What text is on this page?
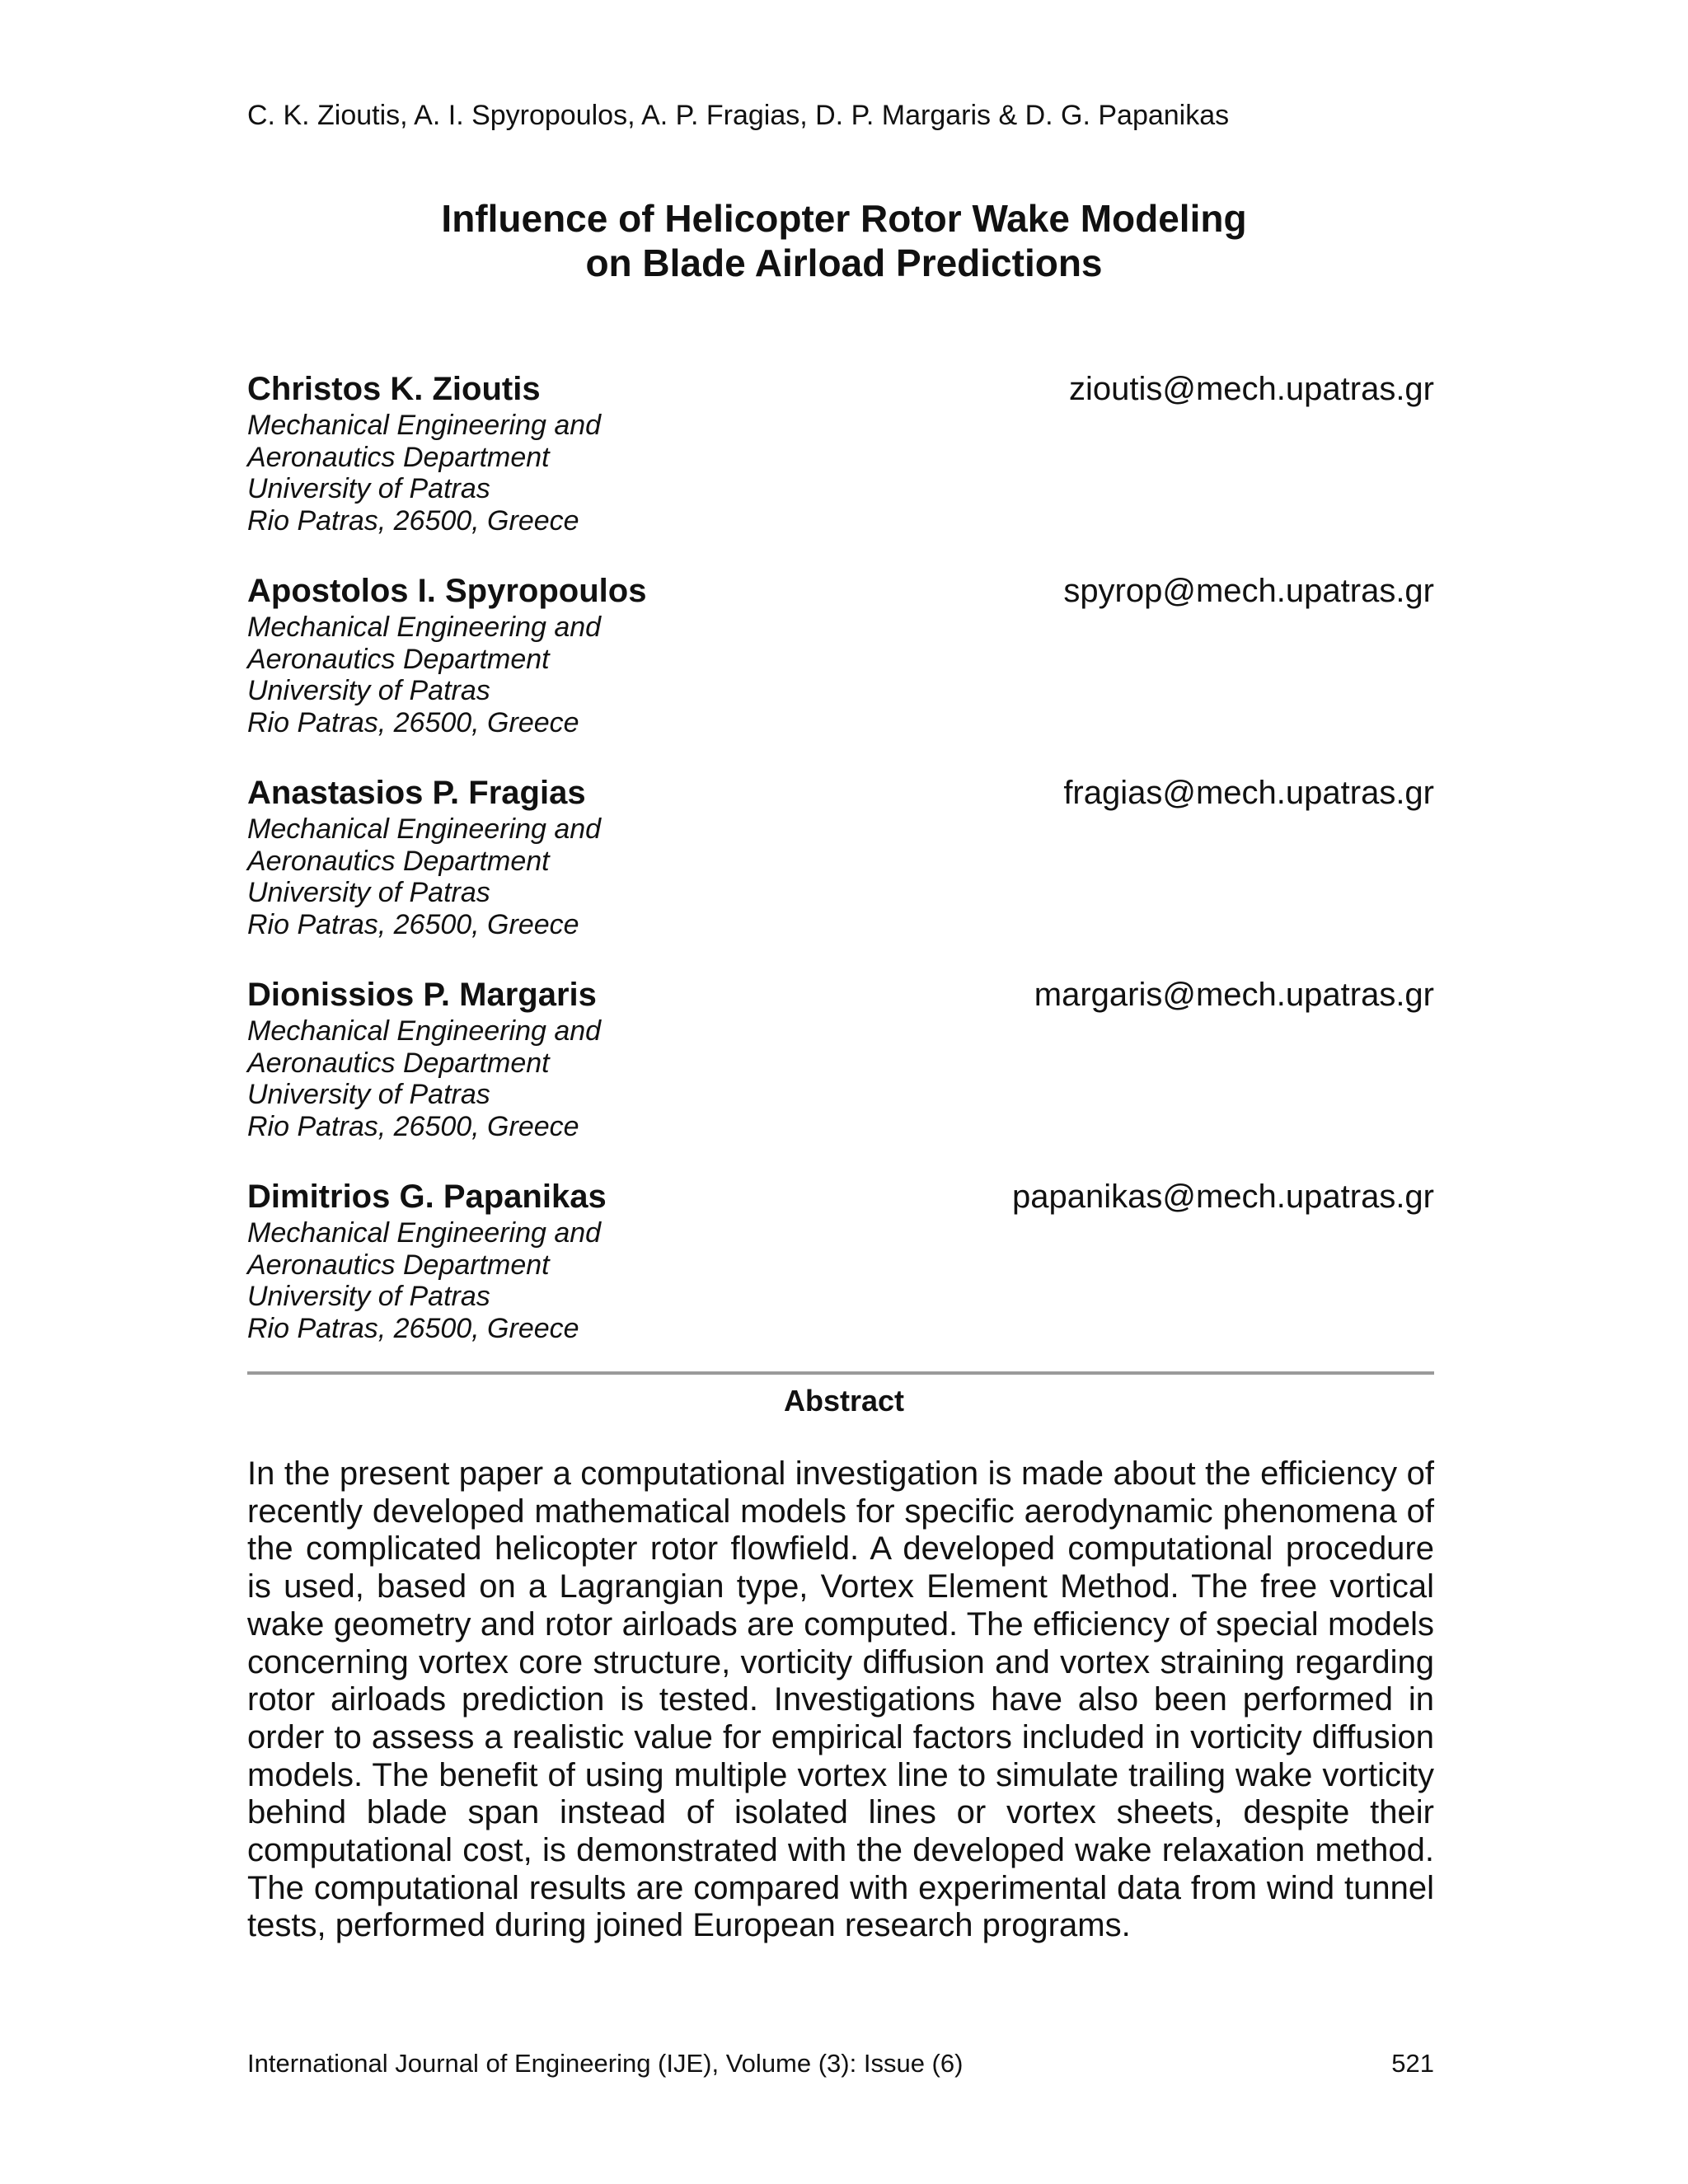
C. K. Zioutis, A. I. Spyropoulos, A. P. Fragias, D. P. Margaris & D. G. Papanikas
Influence of Helicopter Rotor Wake Modeling
on Blade Airload Predictions
Christos K. Zioutis	zioutis@mech.upatras.gr
Mechanical Engineering and
Aeronautics Department
University of Patras
Rio Patras, 26500, Greece
Apostolos I. Spyropoulos	spyrop@mech.upatras.gr
Mechanical Engineering and
Aeronautics Department
University of Patras
Rio Patras, 26500, Greece
Anastasios P. Fragias	fragias@mech.upatras.gr
Mechanical Engineering and
Aeronautics Department
University of Patras
Rio Patras, 26500, Greece
Dionissios P. Margaris	margaris@mech.upatras.gr
Mechanical Engineering and
Aeronautics Department
University of Patras
Rio Patras, 26500, Greece
Dimitrios G. Papanikas	papanikas@mech.upatras.gr
Mechanical Engineering and
Aeronautics Department
University of Patras
Rio Patras, 26500, Greece
Abstract
In the present paper a computational investigation is made about the efficiency of
recently developed mathematical models for specific aerodynamic phenomena of
the complicated helicopter rotor flowfield. A developed computational procedure
is used, based on a Lagrangian type, Vortex Element Method. The free vortical
wake geometry and rotor airloads are computed. The efficiency of special models
concerning vortex core structure, vorticity diffusion and vortex straining regarding
rotor airloads prediction is tested. Investigations have also been performed in
order to assess a realistic value for empirical factors included in vorticity diffusion
models. The benefit of using multiple vortex line to simulate trailing wake vorticity
behind blade span instead of isolated lines or vortex sheets, despite their
computational cost, is demonstrated with the developed wake relaxation method.
The computational results are compared with experimental data from wind tunnel
tests, performed during joined European research programs.
International Journal of Engineering (IJE), Volume (3): Issue (6)	521
